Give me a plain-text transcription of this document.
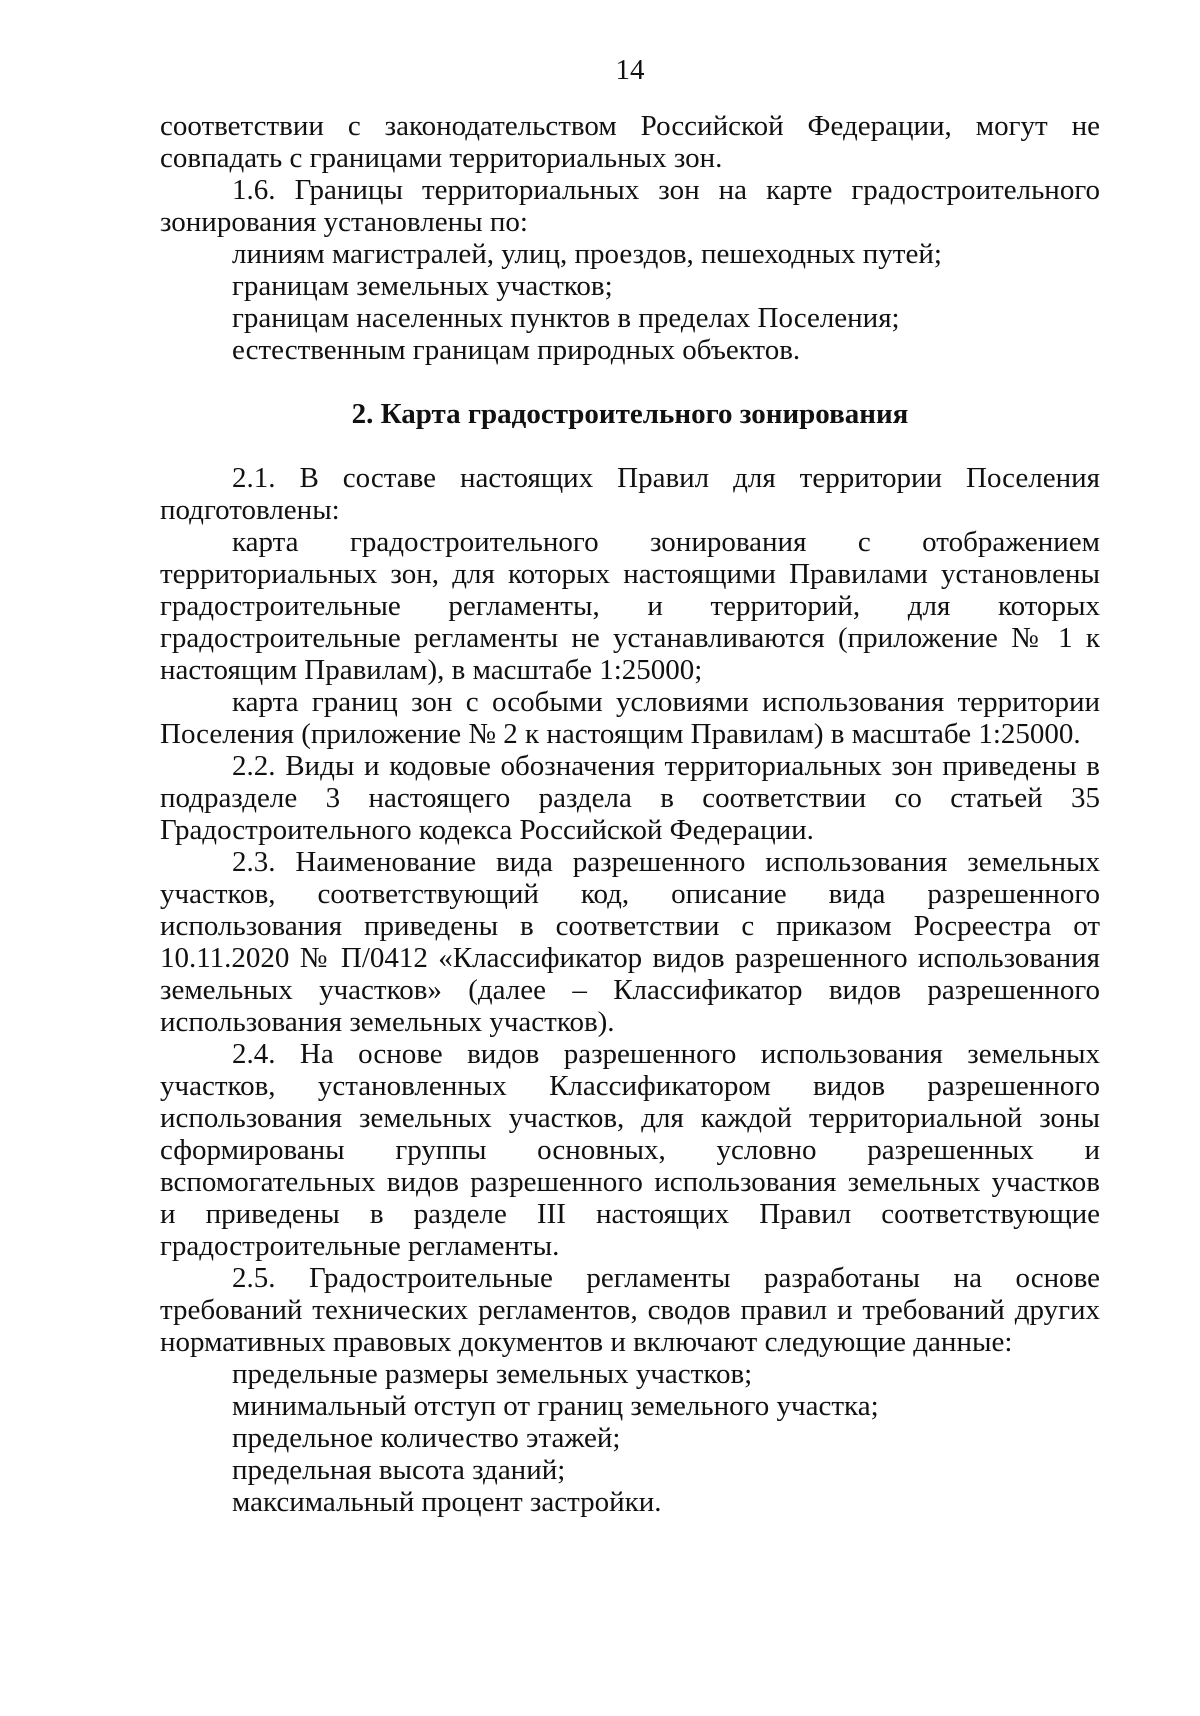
14

соответствии с законодательством Российской Федерации, могут не совпадать с границами территориальных зон.

1.6. Границы территориальных зон на карте градостроительного зонирования установлены по:

линиям магистралей, улиц, проездов, пешеходных путей;

границам земельных участков;

границам населенных пунктов в пределах Поселения;

естественным границам природных объектов.

2. Карта градостроительного зонирования

2.1. В составе настоящих Правил для территории Поселения подготовлены:

карта градостроительного зонирования с отображением территориальных зон, для которых настоящими Правилами установлены градостроительные регламенты, и территорий, для которых градостроительные регламенты не устанавливаются (приложение № 1 к настоящим Правилам), в масштабе 1:25000;

карта границ зон с особыми условиями использования территории Поселения (приложение № 2 к настоящим Правилам) в масштабе 1:25000.

2.2. Виды и кодовые обозначения территориальных зон приведены в подразделе 3 настоящего раздела в соответствии со статьей 35 Градостроительного кодекса Российской Федерации.

2.3. Наименование вида разрешенного использования земельных участков, соответствующий код, описание вида разрешенного использования приведены в соответствии с приказом Росреестра от 10.11.2020 № П/0412 «Классификатор видов разрешенного использования земельных участков» (далее – Классификатор видов разрешенного использования земельных участков).

2.4. На основе видов разрешенного использования земельных участков, установленных Классификатором видов разрешенного использования земельных участков, для каждой территориальной зоны сформированы группы основных, условно разрешенных и вспомогательных видов разрешенного использования земельных участков и приведены в разделе III настоящих Правил соответствующие градостроительные регламенты.

2.5. Градостроительные регламенты разработаны на основе требований технических регламентов, сводов правил и требований других нормативных правовых документов и включают следующие данные:

предельные размеры земельных участков;

минимальный отступ от границ земельного участка;

предельное количество этажей;

предельная высота зданий;

максимальный процент застройки.
